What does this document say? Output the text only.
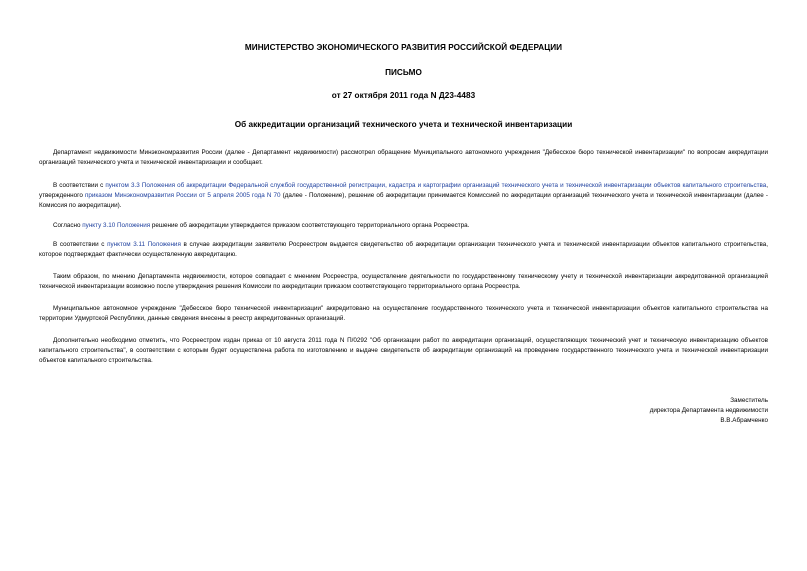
МИНИСТЕРСТВО ЭКОНОМИЧЕСКОГО РАЗВИТИЯ РОССИЙСКОЙ ФЕДЕРАЦИИ
ПИСЬМО
от 27 октября 2011 года N Д23-4483
Об аккредитации организаций технического учета и технической инвентаризации

Департамент недвижимости Минэкономразвития России (далее - Департамент недвижимости) рассмотрел обращение Муниципального автономного учреждения "Дебесское бюро технической инвентаризации" по вопросам аккредитации организаций технического учета и технической инвентаризации и сообщает.

В соответствии с пунктом 3.3 Положения об аккредитации Федеральной службой государственной регистрации, кадастра и картографии организаций технического учета и технической инвентаризации объектов капитального строительства, утвержденного приказом Минэкономразвития России от 5 апреля 2005 года N 70 (далее - Положение), решение об аккредитации принимается Комиссией по аккредитации организаций технического учета и технической инвентаризации (далее - Комиссия по аккредитации).

Согласно пункту 3.10 Положения решение об аккредитации утверждается приказом соответствующего территориального органа Росреестра.

В соответствии с пунктом 3.11 Положения в случае аккредитации заявителю Росреестром выдается свидетельство об аккредитации организации технического учета и технической инвентаризации объектов капитального строительства, которое подтверждает фактически осуществленную аккредитацию.

Таким образом, по мнению Департамента недвижимости, которое совпадает с мнением Росреестра, осуществление деятельности по государственному техническому учету и технической инвентаризации аккредитованной организацией технической инвентаризации возможно после утверждения решения Комиссии по аккредитации приказом соответствующего территориального органа Росреестра.

Муниципальное автономное учреждение "Дебесское бюро технической инвентаризации" аккредитовано на осуществление государственного технического учета и технической инвентаризации объектов капитального строительства на территории Удмуртской Республики, данные сведения внесены в реестр аккредитованных организаций.

Дополнительно необходимо отметить, что Росреестром издан приказ от 10 августа 2011 года N П/0292 "Об организации работ по аккредитации организаций, осуществляющих технический учет и техническую инвентаризацию объектов капитального строительства", в соответствии с которым будет осуществлена работа по изготовлению и выдаче свидетельств об аккредитации организаций на проведение государственного технического учета и технической инвентаризации объектов капитального строительства.

Заместитель
директора Департамента недвижимости
В.В.Абрамченко
